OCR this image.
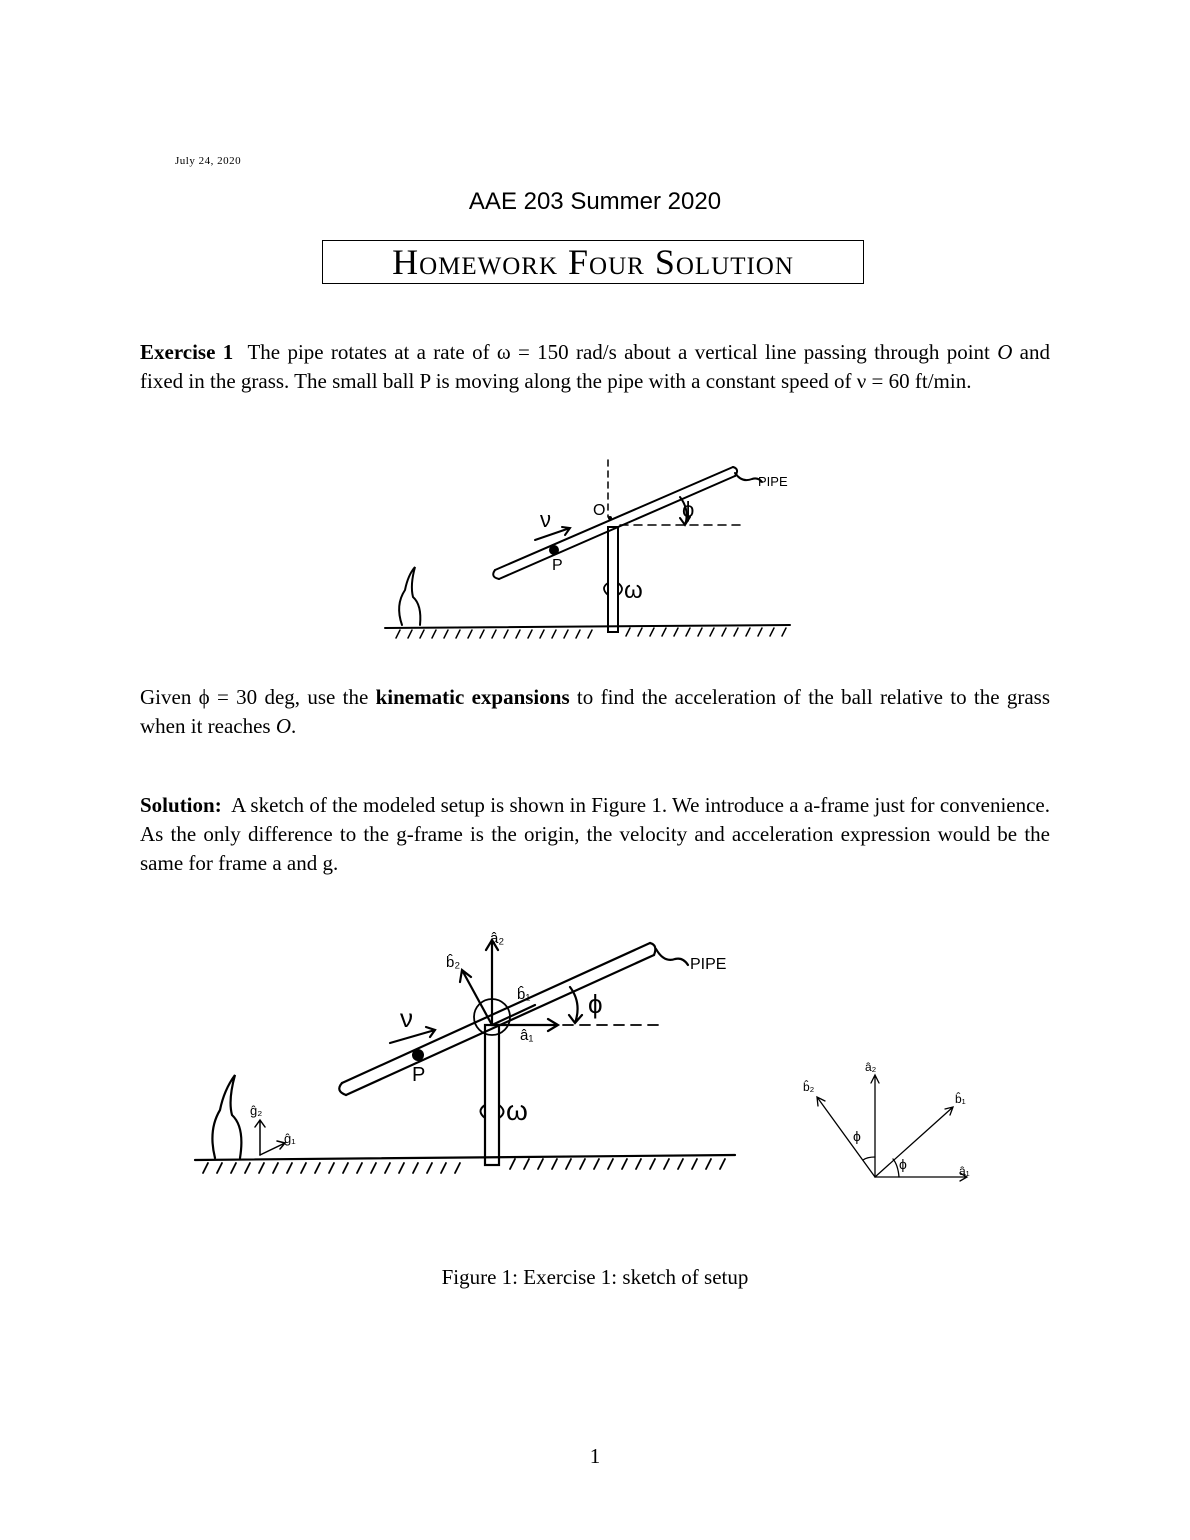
July 24, 2020
AAE 203 Summer 2020
Homework Four Solution
Exercise 1 The pipe rotates at a rate of ω = 150 rad/s about a vertical line passing through point O and fixed in the grass. The small ball P is moving along the pipe with a constant speed of ν = 60 ft/min.
PIPE
O
P
ν	ϕ
ω
Given ϕ = 30 deg, use the kinematic expansions to find the acceleration of the ball relative to the grass when it reaches O.
Solution: A sketch of the modeled setup is shown in Figure 1. We introduce a a-frame just for convenience. As the only difference to the g-frame is the origin, the velocity and acceleration expression would be the same for frame a and g.
PIPE
P
ν	ϕ
ω
â₂
â₁
b̂₂
b̂₁
ĝ₂
ĝ₁
â₁
â₂
b̂₁
b̂₂
ϕ
ϕ
Figure 1: Exercise 1: sketch of setup
1
